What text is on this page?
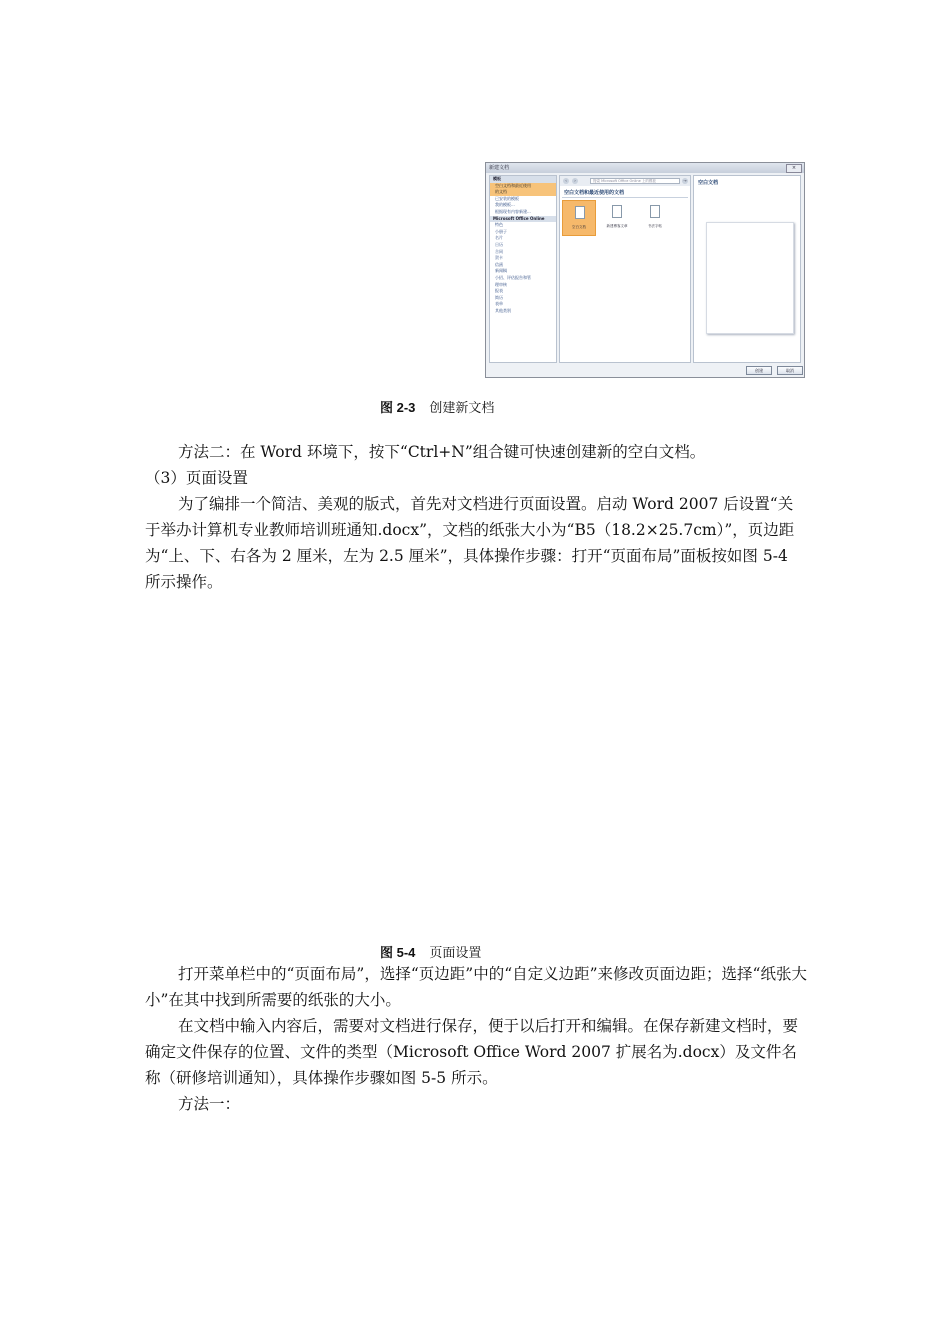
新建文档	×
模板
空白文档和最近使用
的文档
已安装的模板
我的模板...
根据现有内容新建...
Microsoft Office Online
特色
小册子
名片
日历
合同
贺卡
信函
新闻稿
小招、评估报告和管
理审核
报表
简历
表单
其他类别
‹	›	搜索 Microsoft Office Online 上的模板	→
空白文档和最近使用的文档
空白文档	新建博客文章	书法字帖
空白文档
创建	取消
图 2-3 创建新文档

方法二：在 Word 环境下，按下“Ctrl+N”组合键可快速创建新的空白文档。

（3）页面设置

为了编排一个简洁、美观的版式，首先对文档进行页面设置。启动 Word 2007 后设置“关于举办计算机专业教师培训班通知.docx”，文档的纸张大小为“B5（18.2×25.7cm）”，页边距为“上、下、右各为 2 厘米，左为 2.5 厘米”，具体操作步骤：打开“页面布局”面板按如图 5-4 所示操作。

图 5-4 页面设置

打开菜单栏中的“页面布局”，选择“页边距”中的“自定义边距”来修改页面边距；选择“纸张大小”在其中找到所需要的纸张的大小。

在文档中输入内容后，需要对文档进行保存，便于以后打开和编辑。在保存新建文档时，要确定文件保存的位置、文件的类型（Microsoft Office Word 2007 扩展名为.docx）及文件名称（研修培训通知），具体操作步骤如图 5-5 所示。

方法一：
